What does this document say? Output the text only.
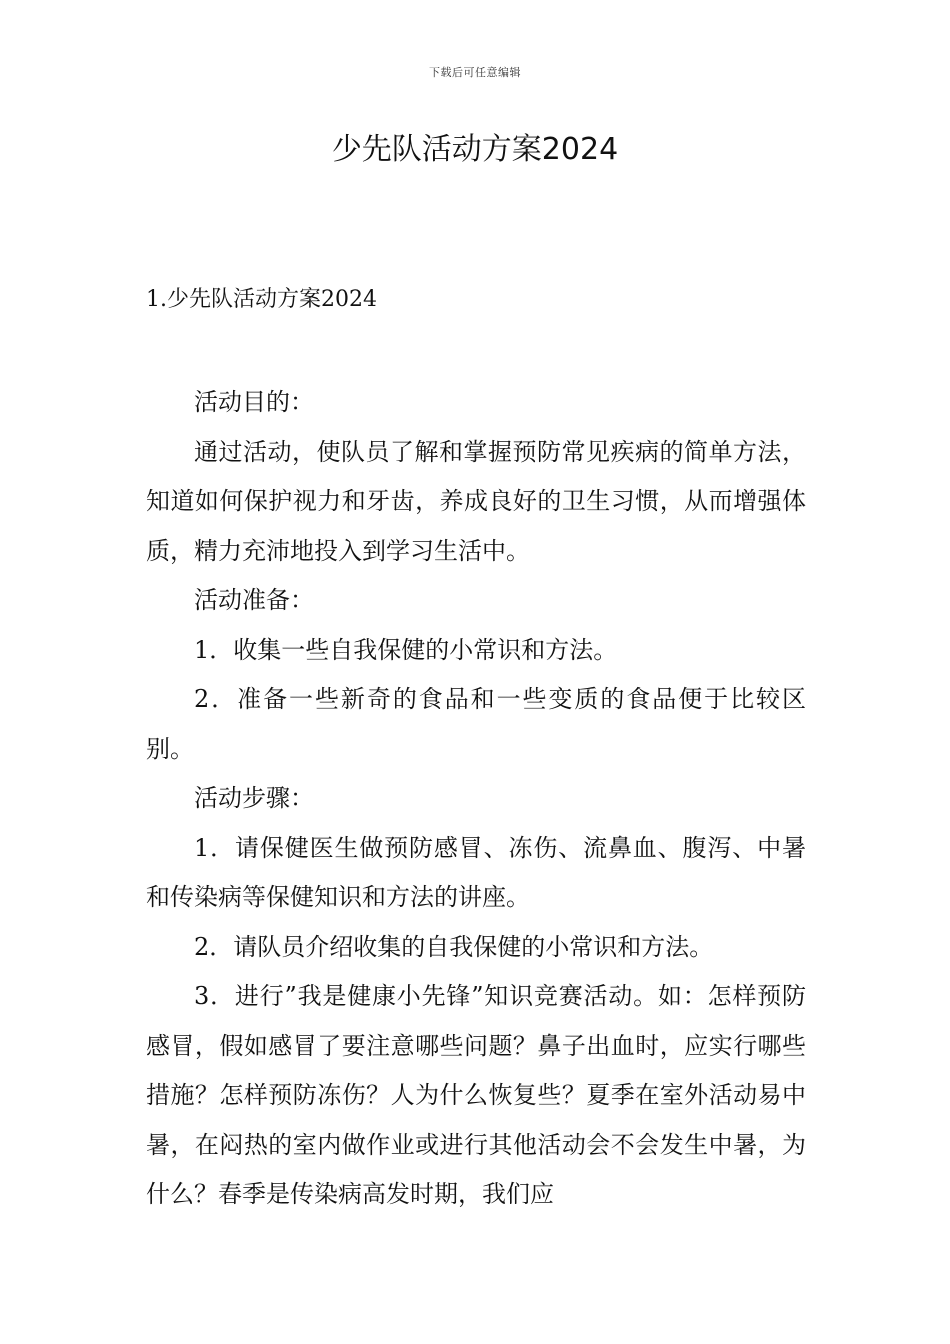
下载后可任意编辑
少先队活动方案2024
1.少先队活动方案2024

活动目的：

通过活动，使队员了解和掌握预防常见疾病的简单方法，知道如何保护视力和牙齿，养成良好的卫生习惯，从而增强体质，精力充沛地投入到学习生活中。

活动准备：

1．收集一些自我保健的小常识和方法。

2．准备一些新奇的食品和一些变质的食品便于比较区别。

活动步骤：

1．请保健医生做预防感冒、冻伤、流鼻血、腹泻、中暑和传染病等保健知识和方法的讲座。

2．请队员介绍收集的自我保健的小常识和方法。

3．进行”我是健康小先锋”知识竞赛活动。如：怎样预防感冒，假如感冒了要注意哪些问题？鼻子出血时，应实行哪些措施？怎样预防冻伤？人为什么恢复些？夏季在室外活动易中暑，在闷热的室内做作业或进行其他活动会不会发生中暑，为什么？春季是传染病高发时期，我们应
